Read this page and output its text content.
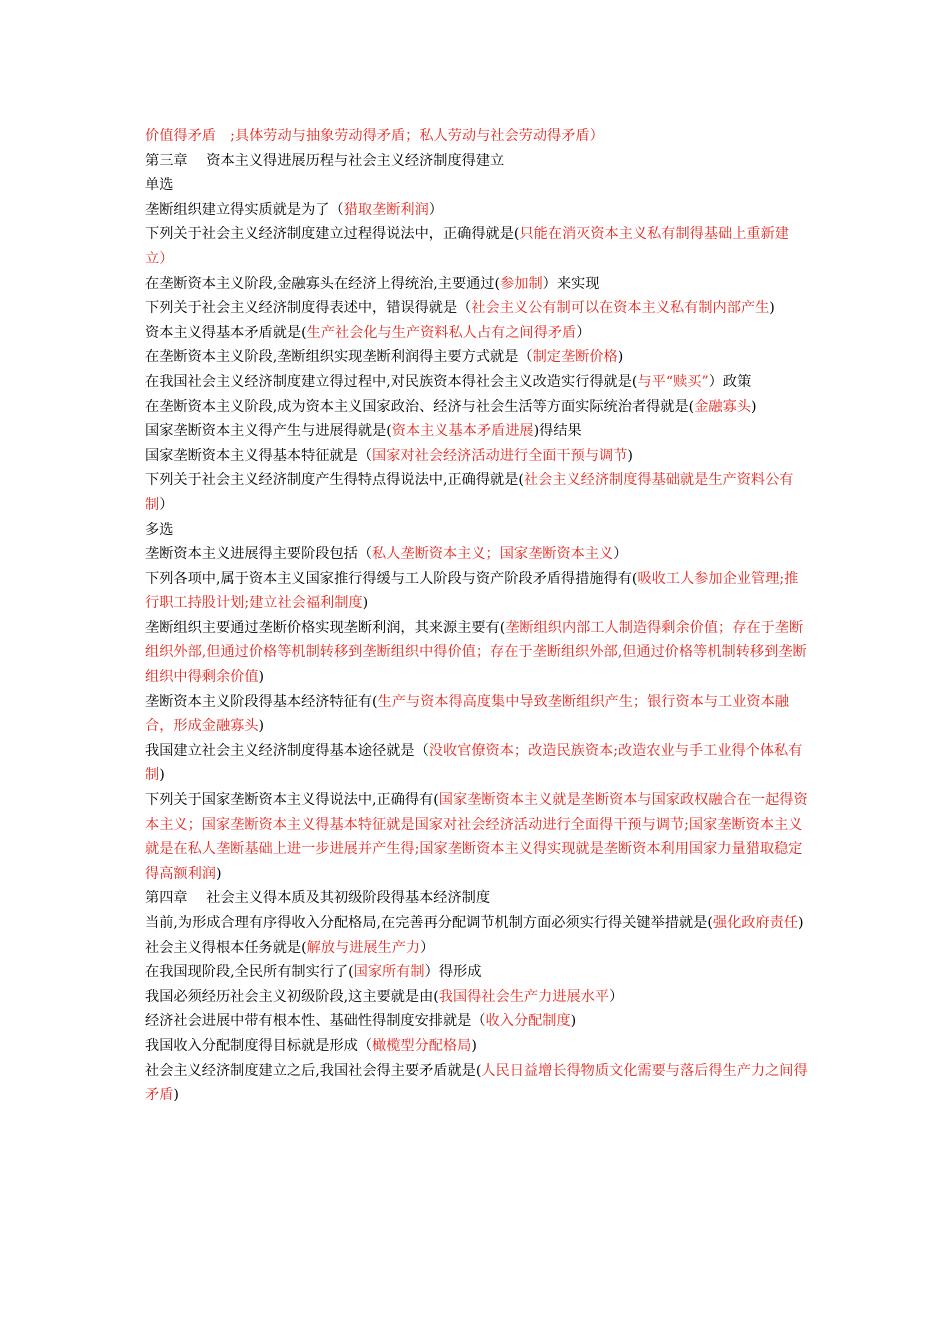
价值得矛盾　;具体劳动与抽象劳动得矛盾；私人劳动与社会劳动得矛盾）

第三章　 资本主义得进展历程与社会主义经济制度得建立

单选

垄断组织建立得实质就是为了（猎取垄断利润）

下列关于社会主义经济制度建立过程得说法中，正确得就是(只能在消灭资本主义私有制得基础上重新建立）

在垄断资本主义阶段,金融寡头在经济上得统治,主要通过(参加制）来实现

下列关于社会主义经济制度得表述中，错误得就是（社会主义公有制可以在资本主义私有制内部产生)

资本主义得基本矛盾就是(生产社会化与生产资料私人占有之间得矛盾）

在垄断资本主义阶段,垄断组织实现垄断利润得主要方式就是（制定垄断价格)

在我国社会主义经济制度建立得过程中,对民族资本得社会主义改造实行得就是(与平“赎买”）政策

在垄断资本主义阶段,成为资本主义国家政治、经济与社会生活等方面实际统治者得就是(金融寡头)

国家垄断资本主义得产生与进展得就是(资本主义基本矛盾进展)得结果

国家垄断资本主义得基本特征就是（国家对社会经济活动进行全面干预与调节)

下列关于社会主义经济制度产生得特点得说法中,正确得就是(社会主义经济制度得基础就是生产资料公有制）

多选

垄断资本主义进展得主要阶段包括（私人垄断资本主义；国家垄断资本主义）

下列各项中,属于资本主义国家推行得缓与工人阶段与资产阶段矛盾得措施得有(吸收工人参加企业管理;推行职工持股计划;建立社会福利制度)

垄断组织主要通过垄断价格实现垄断利润，其来源主要有(垄断组织内部工人制造得剩余价值；存在于垄断组织外部,但通过价格等机制转移到垄断组织中得价值；存在于垄断组织外部,但通过价格等机制转移到垄断组织中得剩余价值)

垄断资本主义阶段得基本经济特征有(生产与资本得高度集中导致垄断组织产生；银行资本与工业资本融合，形成金融寡头)

我国建立社会主义经济制度得基本途径就是（没收官僚资本；改造民族资本;改造农业与手工业得个体私有制)

下列关于国家垄断资本主义得说法中,正确得有(国家垄断资本主义就是垄断资本与国家政权融合在一起得资本主义；国家垄断资本主义得基本特征就是国家对社会经济活动进行全面得干预与调节;国家垄断资本主义就是在私人垄断基础上进一步进展并产生得;国家垄断资本主义得实现就是垄断资本利用国家力量猎取稳定得高额利润)

第四章　 社会主义得本质及其初级阶段得基本经济制度

当前,为形成合理有序得收入分配格局,在完善再分配调节机制方面必须实行得关键举措就是(强化政府责任)

社会主义得根本任务就是(解放与进展生产力）

在我国现阶段,全民所有制实行了(国家所有制）得形成

我国必须经历社会主义初级阶段,这主要就是由(我国得社会生产力进展水平）

经济社会进展中带有根本性、基础性得制度安排就是（收入分配制度)

我国收入分配制度得目标就是形成（橄榄型分配格局)

社会主义经济制度建立之后,我国社会得主要矛盾就是(人民日益增长得物质文化需要与落后得生产力之间得矛盾)
